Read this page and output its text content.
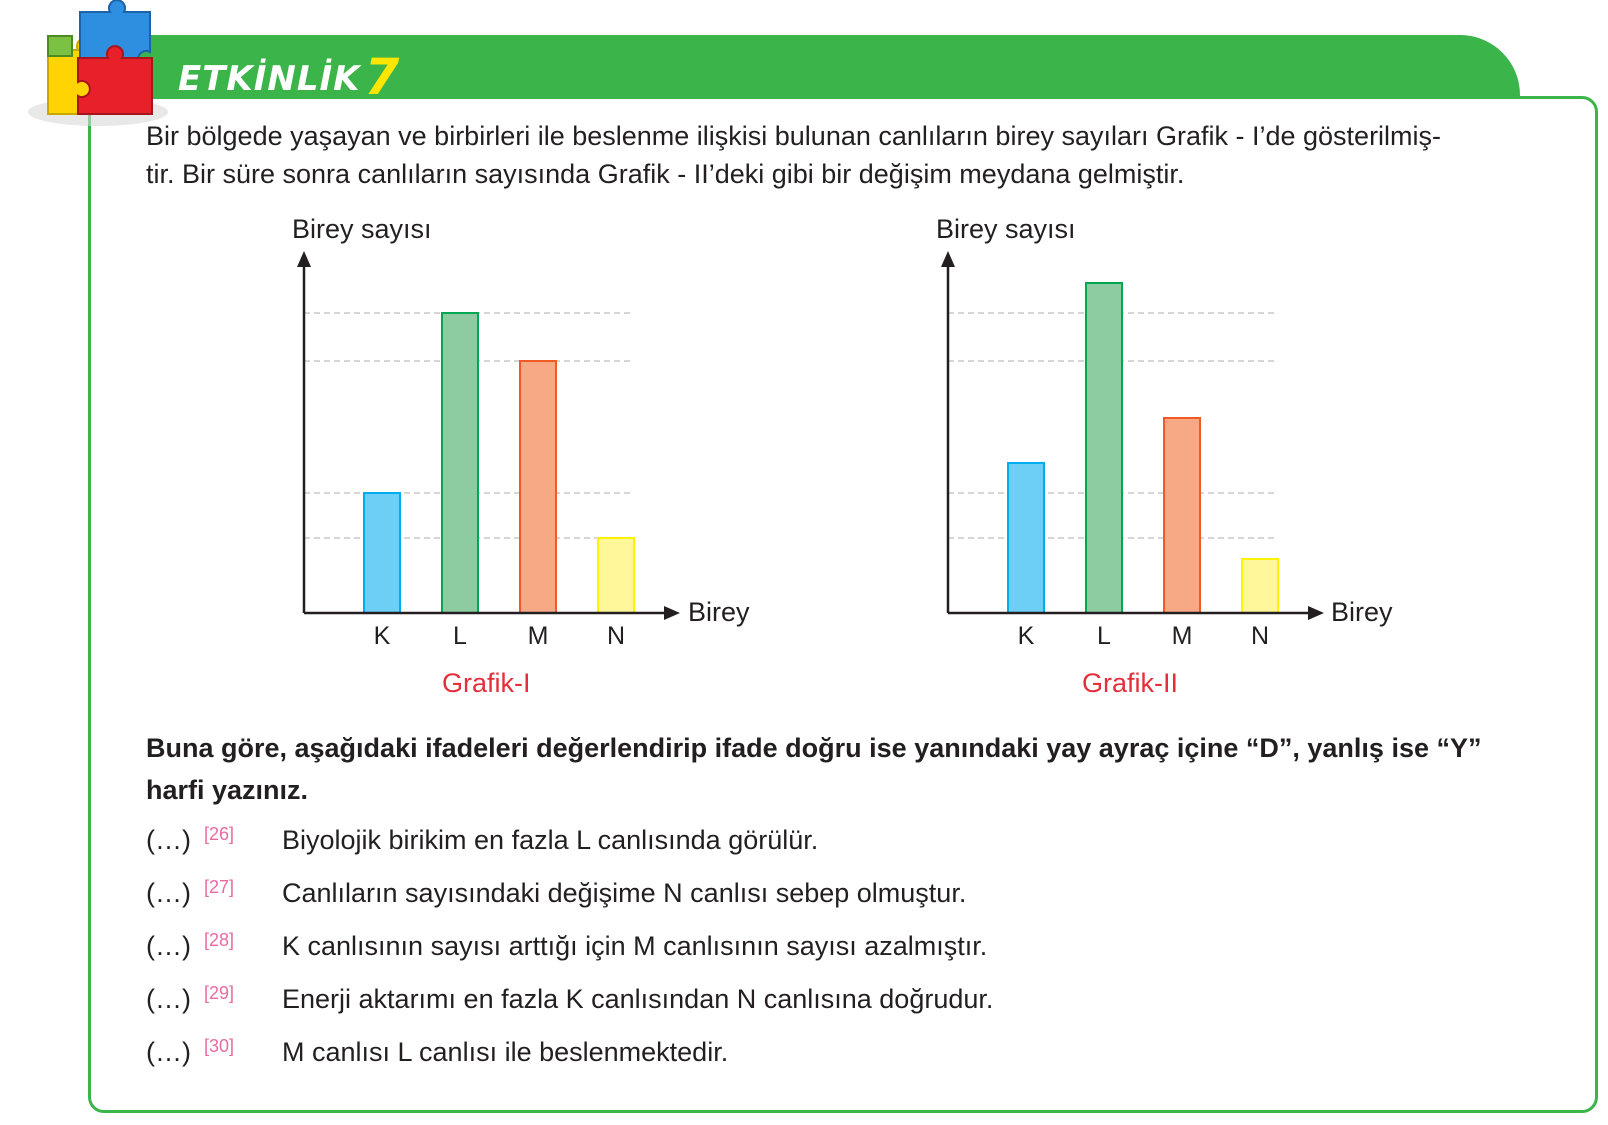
ETKİNLİK7
Bir bölgede yaşayan ve birbirleri ile beslenme ilişkisi bulunan canlıların birey sayıları Grafik - I’de gösterilmiş-
tir. Bir süre sonra canlıların sayısında Grafik - II’deki gibi bir değişim meydana gelmiştir.
Birey sayısı
Birey
K	L	M	N
Grafik-I
Birey sayısı
Birey
K	L	M	N
Grafik-II

Buna göre, aşağıdaki ifadeleri değerlendirip ifade doğru ise yanındaki yay ayraç içine “D”, yanlış ise “Y” harfi yazınız.

(…) [26] Biyolojik birikim en fazla L canlısında görülür.
(…) [27] Canlıların sayısındaki değişime N canlısı sebep olmuştur.
(…) [28] K canlısının sayısı arttığı için M canlısının sayısı azalmıştır.
(…) [29] Enerji aktarımı en fazla K canlısından N canlısına doğrudur.
(…) [30] M canlısı L canlısı ile beslenmektedir.
